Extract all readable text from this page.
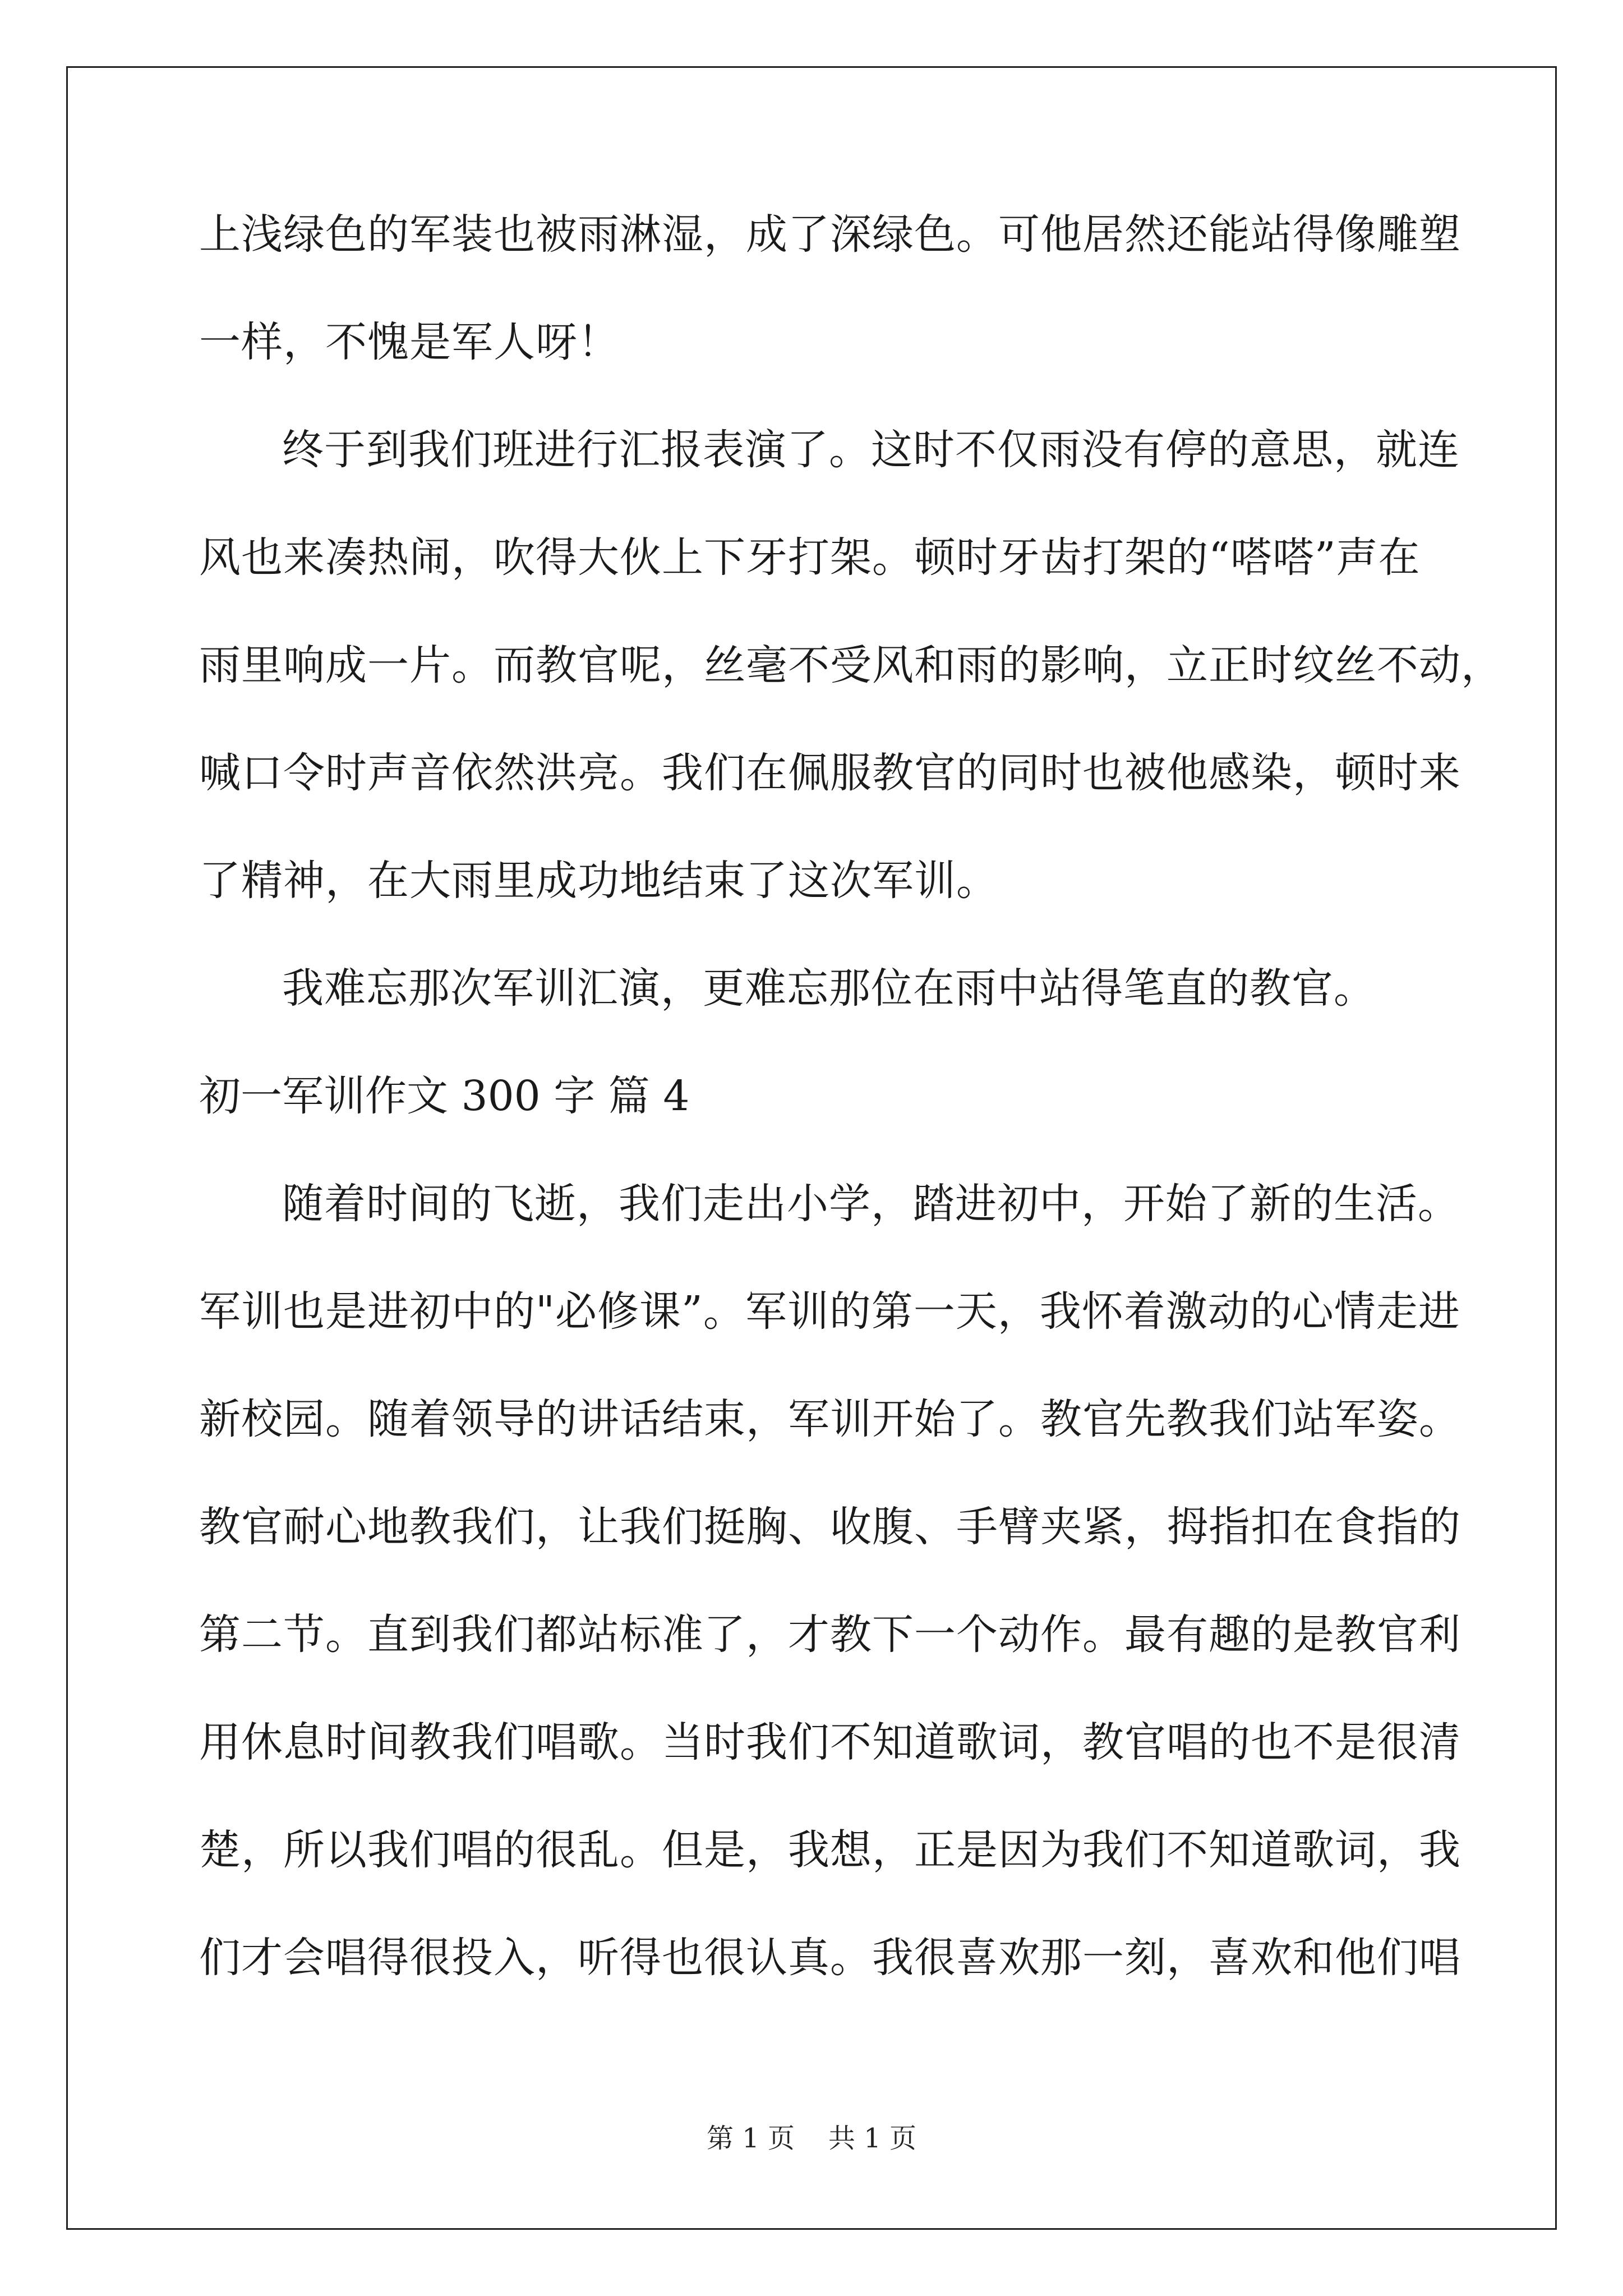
上浅绿色的军装也被雨淋湿，成了深绿色。可他居然还能站得像雕塑
一样，不愧是军人呀！
终于到我们班进行汇报表演了。这时不仅雨没有停的意思，就连
风也来凑热闹，吹得大伙上下牙打架。顿时牙齿打架的“嗒嗒”声在
雨里响成一片。而教官呢，丝毫不受风和雨的影响，立正时纹丝不动，
喊口令时声音依然洪亮。我们在佩服教官的同时也被他感染，顿时来
了精神，在大雨里成功地结束了这次军训。
我难忘那次军训汇演，更难忘那位在雨中站得笔直的教官。
初一军训作文 300 字 篇 4
随着时间的飞逝，我们走出小学，踏进初中，开始了新的生活。
军训也是进初中的"必修课”。军训的第一天，我怀着激动的心情走进
新校园。随着领导的讲话结束，军训开始了。教官先教我们站军姿。
教官耐心地教我们，让我们挺胸、收腹、手臂夹紧，拇指扣在食指的
第二节。直到我们都站标准了，才教下一个动作。最有趣的是教官利
用休息时间教我们唱歌。当时我们不知道歌词，教官唱的也不是很清
楚，所以我们唱的很乱。但是，我想，正是因为我们不知道歌词，我
们才会唱得很投入，听得也很认真。我很喜欢那一刻，喜欢和他们唱
第 1 页 共 1 页
